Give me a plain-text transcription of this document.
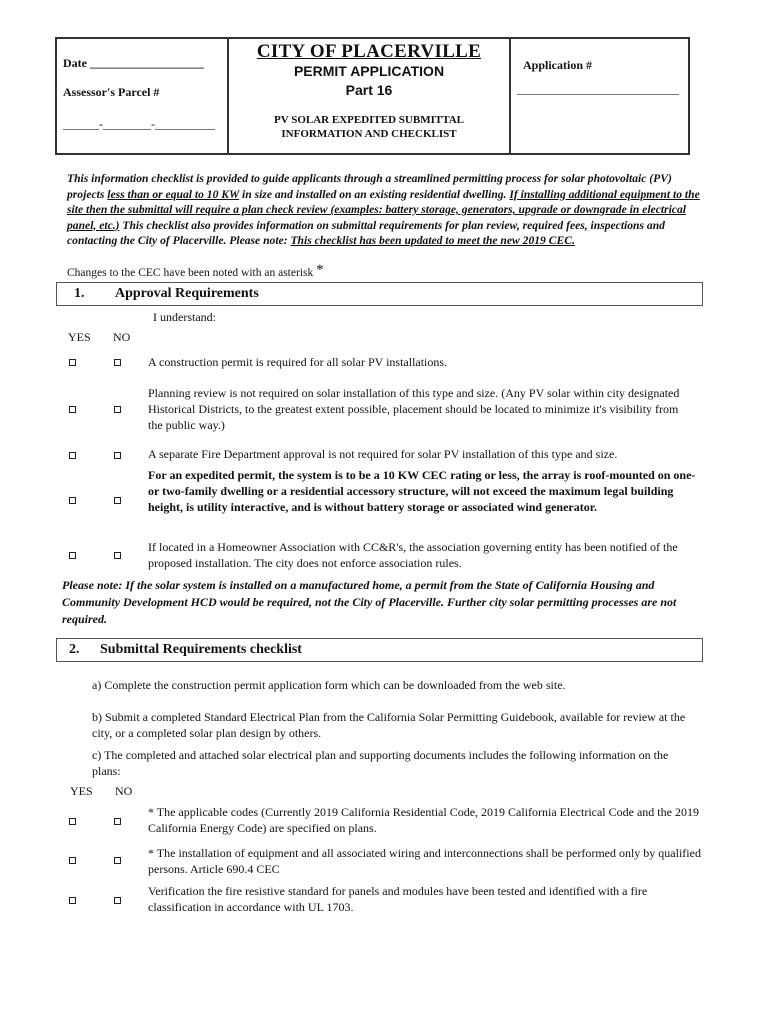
Date ___________________
Assessor's Parcel #
______-________-__________
CITY OF PLACERVILLE
PERMIT APPLICATION
Part 16
PV SOLAR EXPEDITED SUBMITTAL
INFORMATION AND CHECKLIST
Application #
___________________________
This information checklist is provided to guide applicants through a streamlined permitting process for solar photovoltaic (PV) projects less than or equal to 10 KW in size and installed on an existing residential dwelling. If installing additional equipment to the site then the submittal will require a plan check review (examples: battery storage, generators, upgrade or downgrade in electrical panel, etc.) This checklist also provides information on submittal requirements for plan review, required fees, inspections and contacting the City of Placerville. Please note: This checklist has been updated to meet the new 2019 CEC.
Changes to the CEC have been noted with an asterisk *
1. Approval Requirements
I understand:
YES NO
A construction permit is required for all solar PV installations.
Planning review is not required on solar installation of this type and size. (Any PV solar within city designated Historical Districts, to the greatest extent possible, placement should be located to minimize it's visibility from the public way.)
A separate Fire Department approval is not required for solar PV installation of this type and size.
For an expedited permit, the system is to be a 10 KW CEC rating or less, the array is roof-mounted on one- or two-family dwelling or a residential accessory structure, will not exceed the maximum legal building height, is utility interactive, and is without battery storage or associated wind generator.
If located in a Homeowner Association with CC&R's, the association governing entity has been notified of the proposed installation. The city does not enforce association rules.
Please note: If the solar system is installed on a manufactured home, a permit from the State of California Housing and Community Development HCD would be required, not the City of Placerville. Further city solar permitting processes are not required.
2. Submittal Requirements checklist
a) Complete the construction permit application form which can be downloaded from the web site.
b) Submit a completed Standard Electrical Plan from the California Solar Permitting Guidebook, available for review at the city, or a completed solar plan design by others.
c) The completed and attached solar electrical plan and supporting documents includes the following information on the plans:
YES NO
* The applicable codes (Currently 2019 California Residential Code, 2019 California Electrical Code and the 2019 California Energy Code) are specified on plans.
* The installation of equipment and all associated wiring and interconnections shall be performed only by qualified persons. Article 690.4 CEC
Verification the fire resistive standard for panels and modules have been tested and identified with a fire classification in accordance with UL 1703.
